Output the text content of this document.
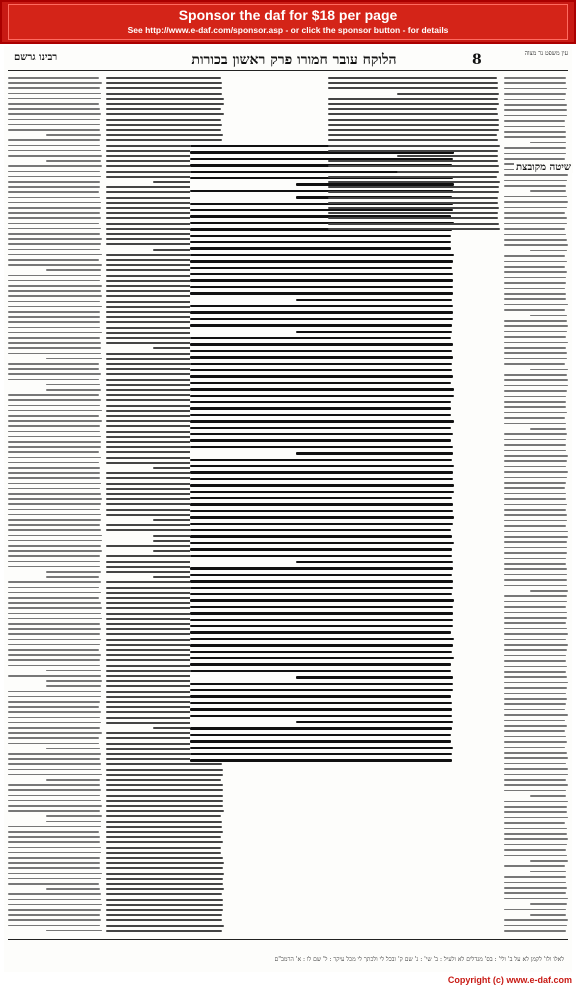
Sponsor the daf for $18 per page
See http://www.e-daf.com/sponsor.asp - or click the sponsor button - for details
רבינו גרשם	הלוקח עובר חמורו פרק ראשון בכורות	8	עין משפט נר מצוה
שיטה מקובצת
לאלו ולו' לקמן לא על ב' ולי' : בס' מגדלים לא ולעיל : ב' שי' : ג' שם ק' ובכל לי ולכתך לי מכל עיקר : ל' שם לו : א' הרמב"ם
Copyright (c) www.e-daf.com
